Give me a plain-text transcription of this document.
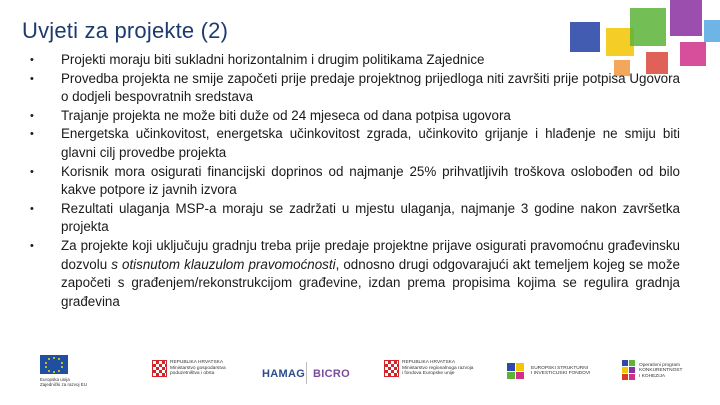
Uvjeti za projekte (2)
• Projekti moraju biti sukladni horizontalnim i drugim politikama Zajednice
• Provedba projekta ne smije započeti prije predaje projektnog prijedloga niti završiti prije potpisa Ugovora o dodjeli bespovratnih sredstava
• Trajanje projekta ne može biti duže od 24 mjeseca od dana potpisa ugovora
• Energetska učinkovitost, energetska učinkovitost zgrada, učinkovito grijanje i hlađenje ne smiju biti glavni cilj provedbe projekta
• Korisnik mora osigurati financijski doprinos od najmanje 25% prihvatljivih troškova oslobođen od bilo kakve potpore iz javnih izvora
• Rezultati ulaganja MSP-a moraju se zadržati u mjestu ulaganja, najmanje 3 godine nakon završetka projekta
• Za projekte koji uključuju gradnju treba prije predaje projektne prijave osigurati pravomoćnu građevinsku dozvolu s otisnutom klauzulom pravomoćnosti, odnosno drugi odgovarajući akt temeljem kojeg se može započeti s građenjem/rekonstrukcijom građevine, izdan prema propisima kojima se regulira gradnja građevina
Europska unija
Zajednički za razvoj EU
REPUBLIKA HRVATSKA
Ministarstvo gospodarstva
poduzetništva i obrta	HAMAG BICRO
REPUBLIKA HRVATSKA
Ministarstvo regionalnoga razvoja
i fondova Europske unije
EUROPSKI STRUKTURNI
I INVESTICIJSKI FONDOVI
Operativni program
KONKURENTNOST
I KOHEZIJA
